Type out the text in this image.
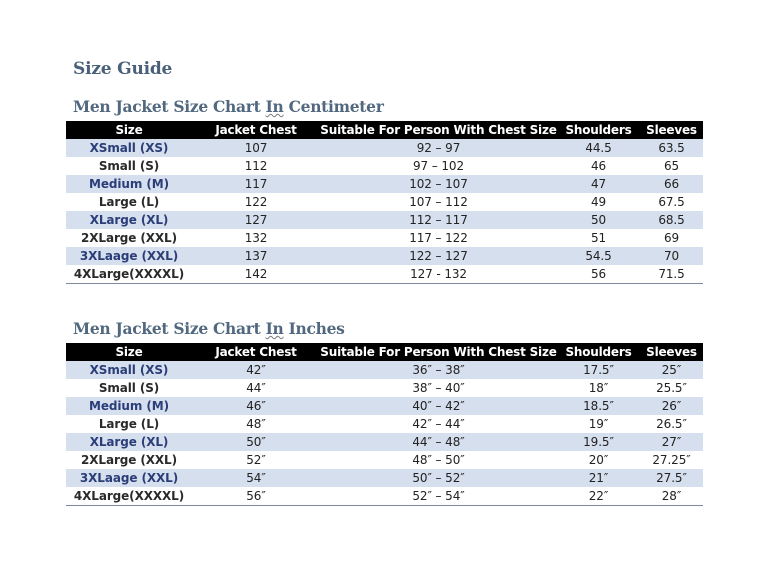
Size Guide
Men Jacket Size Chart In Centimeter
Size	Jacket Chest	Suitable For Person With Chest Size	Shoulders	Sleeves
XSmall (XS)	107	92 – 97	44.5	63.5
Small (S)	112	97 – 102	46	65
Medium (M)	117	102 – 107	47	66
Large (L)	122	107 – 112	49	67.5
XLarge (XL)	127	112 – 117	50	68.5
2XLarge (XXL)	132	117 – 122	51	69
3XLaage (XXL)	137	122 – 127	54.5	70
4XLarge(XXXXL)	142	127 - 132	56	71.5
Men Jacket Size Chart In Inches
Size	Jacket Chest	Suitable For Person With Chest Size	Shoulders	Sleeves
XSmall (XS)	42″	36″ – 38″	17.5″	25″
Small (S)	44″	38″ – 40″	18″	25.5″
Medium (M)	46″	40″ – 42″	18.5″	26″
Large (L)	48″	42″ – 44″	19″	26.5″
XLarge (XL)	50″	44″ – 48″	19.5″	27″
2XLarge (XXL)	52″	48″ – 50″	20″	27.25″
3XLaage (XXL)	54″	50″ – 52″	21″	27.5″
4XLarge(XXXXL)	56″	52″ – 54″	22″	28″
